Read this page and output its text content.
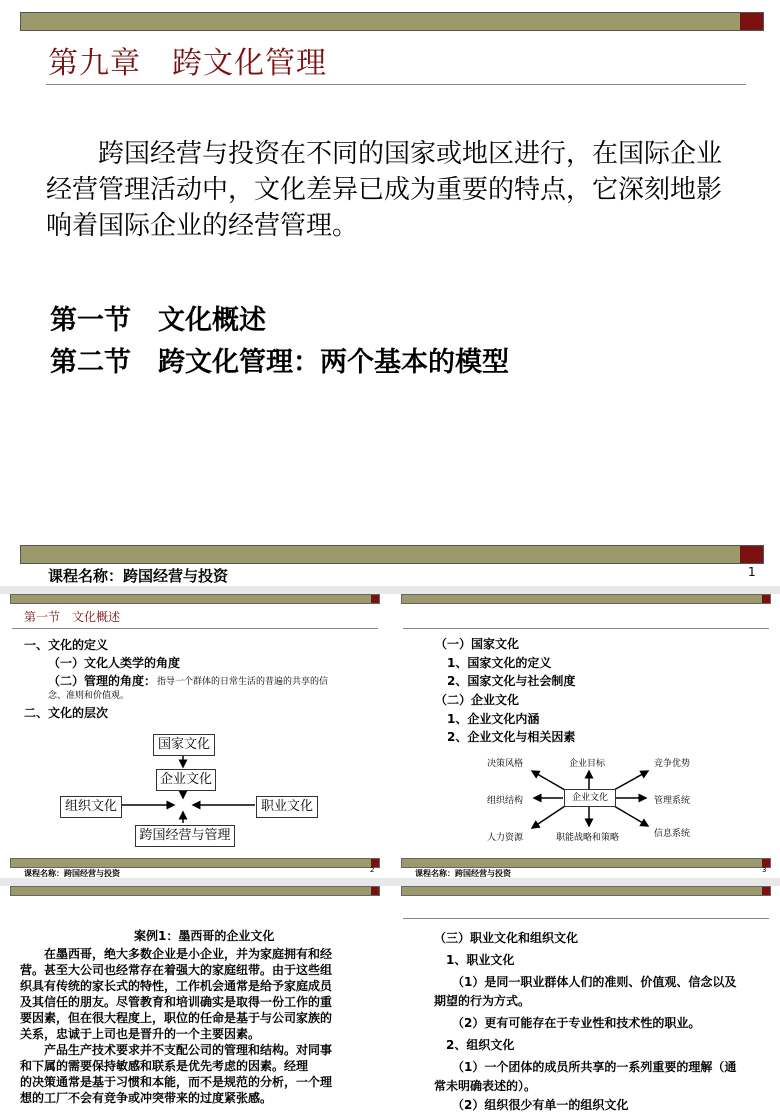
第九章　跨文化管理
　　跨国经营与投资在不同的国家或地区进行，在国际企业经营管理活动中，文化差异已成为重要的特点，它深刻地影响着国际企业的经营管理。
第一节　文化概述
第二节　跨文化管理：两个基本的模型
课程名称：跨国经营与投资	1
第一节　文化概述
一、文化的定义
（一）文化人类学的角度
（二）管理的角度： 指导一个群体的日常生活的普遍的共享的信
念、准则和价值观。
二、文化的层次
国家文化
企业文化
组织文化	职业文化
跨国经营与管理
课程名称：跨国经营与投资	2
（一）国家文化
1、国家文化的定义
2、国家文化与社会制度
（二）企业文化
1、企业文化内涵
2、企业文化与相关因素
企业文化
决策风格	企业目标	竞争优势
组织结构	管理系统
人力资源	职能战略和策略	信息系统
课程名称：跨国经营与投资	3
案例1：墨西哥的企业文化
　　在墨西哥，绝大多数企业是小企业，并为家庭拥有和经
营。甚至大公司也经常存在着强大的家庭纽带。由于这些组
织具有传统的家长式的特性，工作机会通常是给予家庭成员
及其信任的朋友。尽管教育和培训确实是取得一份工作的重
要因素，但在很大程度上，职位的任命是基于与公司家族的
关系，忠诚于上司也是晋升的一个主要因素。
　　产品生产技术要求并不支配公司的管理和结构。对同事
和下属的需要保持敏感和联系是优先考虑的因素。经理
的决策通常是基于习惯和本能，而不是规范的分析，一个理
想的工厂不会有竞争或冲突带来的过度紧张感。
（三）职业文化和组织文化
　1、职业文化
　　（1）是同一职业群体人们的准则、价值观、信念以及
期望的行为方式。
　　（2）更有可能存在于专业性和技术性的职业。
　2、组织文化
　　（1）一个团体的成员所共享的一系列重要的理解（通
常未明确表述的）。
　　（2）组织很少有单一的组织文化
